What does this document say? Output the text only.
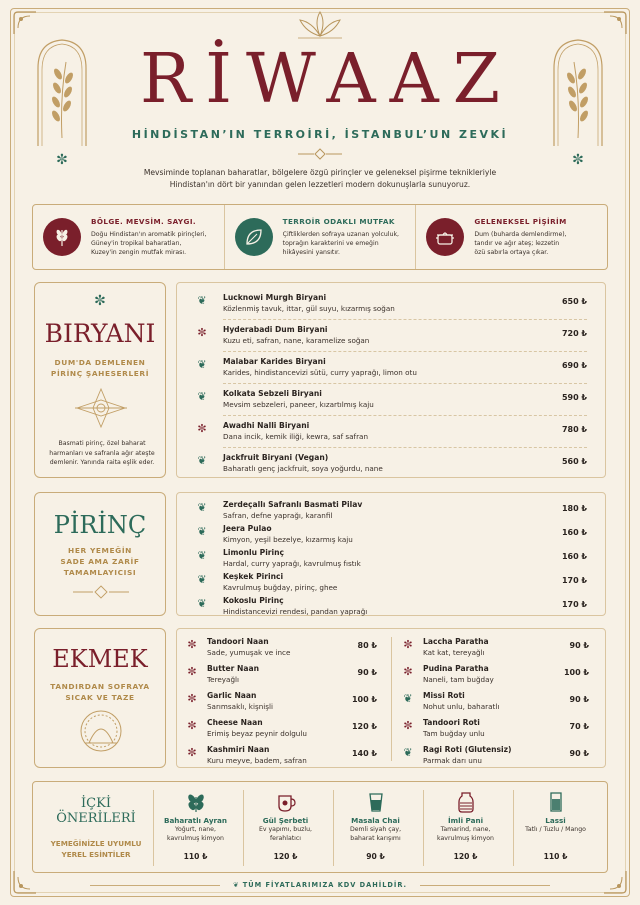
✼	✼
RİWAAZ
HİNDİSTAN’IN TERROİRİ, İSTANBUL’UN ZEVKİ
Mevsiminde toplanan baharatlar, bölgelere özgü pirinçler ve geleneksel pişirme teknikleriyle
Hindistan'ın dört bir yanından gelen lezzetleri modern dokunuşlarla sunuyoruz.
BÖLGE. MEVSİM. SAYGI.
Doğu Hindistan'ın aromatik pirinçleri,
Güney'in tropikal baharatları,
Kuzey'in zengin mutfak mirası.
TERROİR ODAKLI MUTFAK
Çiftliklerden sofraya uzanan yolculuk,
toprağın karakterini ve emeğin
hikâyesini yansıtır.
GELENEKSEL PİŞİRİM
Dum (buharda demlendirme),
tandır ve ağır ateş; lezzetin
özü sabırla ortaya çıkar.
✼
BIRYANI
DUM'DA DEMLENEN
PİRİNÇ ŞAHESERLERİ
Basmati pirinç, özel baharat
harmanları ve safranla ağır ateşte
demlenir. Yanında raita eşlik eder.
❦	Lucknowi Murgh Biryani
Közlenmiş tavuk, ittar, gül suyu, kızarmış soğan
650 ₺
✼	Hyderabadi Dum Biryani
Kuzu eti, safran, nane, karamelize soğan
720 ₺
❦	Malabar Karides Biryani
Karides, hindistancevizi sütü, curry yaprağı, limon otu
690 ₺
❦	Kolkata Sebzeli Biryani
Mevsim sebzeleri, paneer, kızartılmış kaju
590 ₺
✼	Awadhi Nalli Biryani
Dana incik, kemik iliği, kewra, saf safran
780 ₺
❦	Jackfruit Biryani (Vegan)
Baharatlı genç jackfruit, soya yoğurdu, nane
560 ₺
PİRİNÇ
HER YEMEĞİN
SADE AMA ZARİF
TAMAMLAYICISI
❦	Zerdeçallı Safranlı Basmati Pilav
Safran, defne yaprağı, karanfil
180 ₺
❦	Jeera Pulao
Kimyon, yeşil bezelye, kızarmış kaju
160 ₺
❦	Limonlu Pirinç
Hardal, curry yaprağı, kavrulmuş fıstık
160 ₺
❦	Keşkek Pirinci
Kavrulmuş buğday, pirinç, ghee
170 ₺
❦	Kokoslu Pirinç
Hindistancevizi rendesi, pandan yaprağı
170 ₺
EKMEK
TANDIRDAN SOFRAYA
SICAK VE TAZE
✼	Tandoori Naan
Sade, yumuşak ve ince
80 ₺
✼	Butter Naan
Tereyağlı
90 ₺
✼	Garlic Naan
Sarımsaklı, kişnişli
100 ₺
✼	Cheese Naan
Erimiş beyaz peynir dolgulu
120 ₺
✼	Kashmiri Naan
Kuru meyve, badem, safran
140 ₺
✼	Laccha Paratha
Kat kat, tereyağlı
90 ₺
✼	Pudina Paratha
Naneli, tam buğday
100 ₺
❦	Missi Roti
Nohut unlu, baharatlı
90 ₺
✼	Tandoori Roti
Tam buğday unlu
70 ₺
❦	Ragi Roti (Glutensiz)
Parmak darı unu
90 ₺
İÇKİ ÖNERİLERİ
YEMEĞİNİZLE UYUMLU
YEREL ESİNTİLER
Baharatlı Ayran
Yoğurt, nane,
kavrulmuş kimyon
110 ₺
Gül Şerbeti
Ev yapımı, buzlu,
ferahlatıcı
120 ₺
Masala Chai
Demli siyah çay,
baharat karışımı
90 ₺
İmli Pani
Tamarind, nane,
kavrulmuş kimyon
120 ₺
Lassi
Tatlı / Tuzlu / Mango
110 ₺
❦ TÜM FİYATLARIMIZA KDV DAHİLDİR.
